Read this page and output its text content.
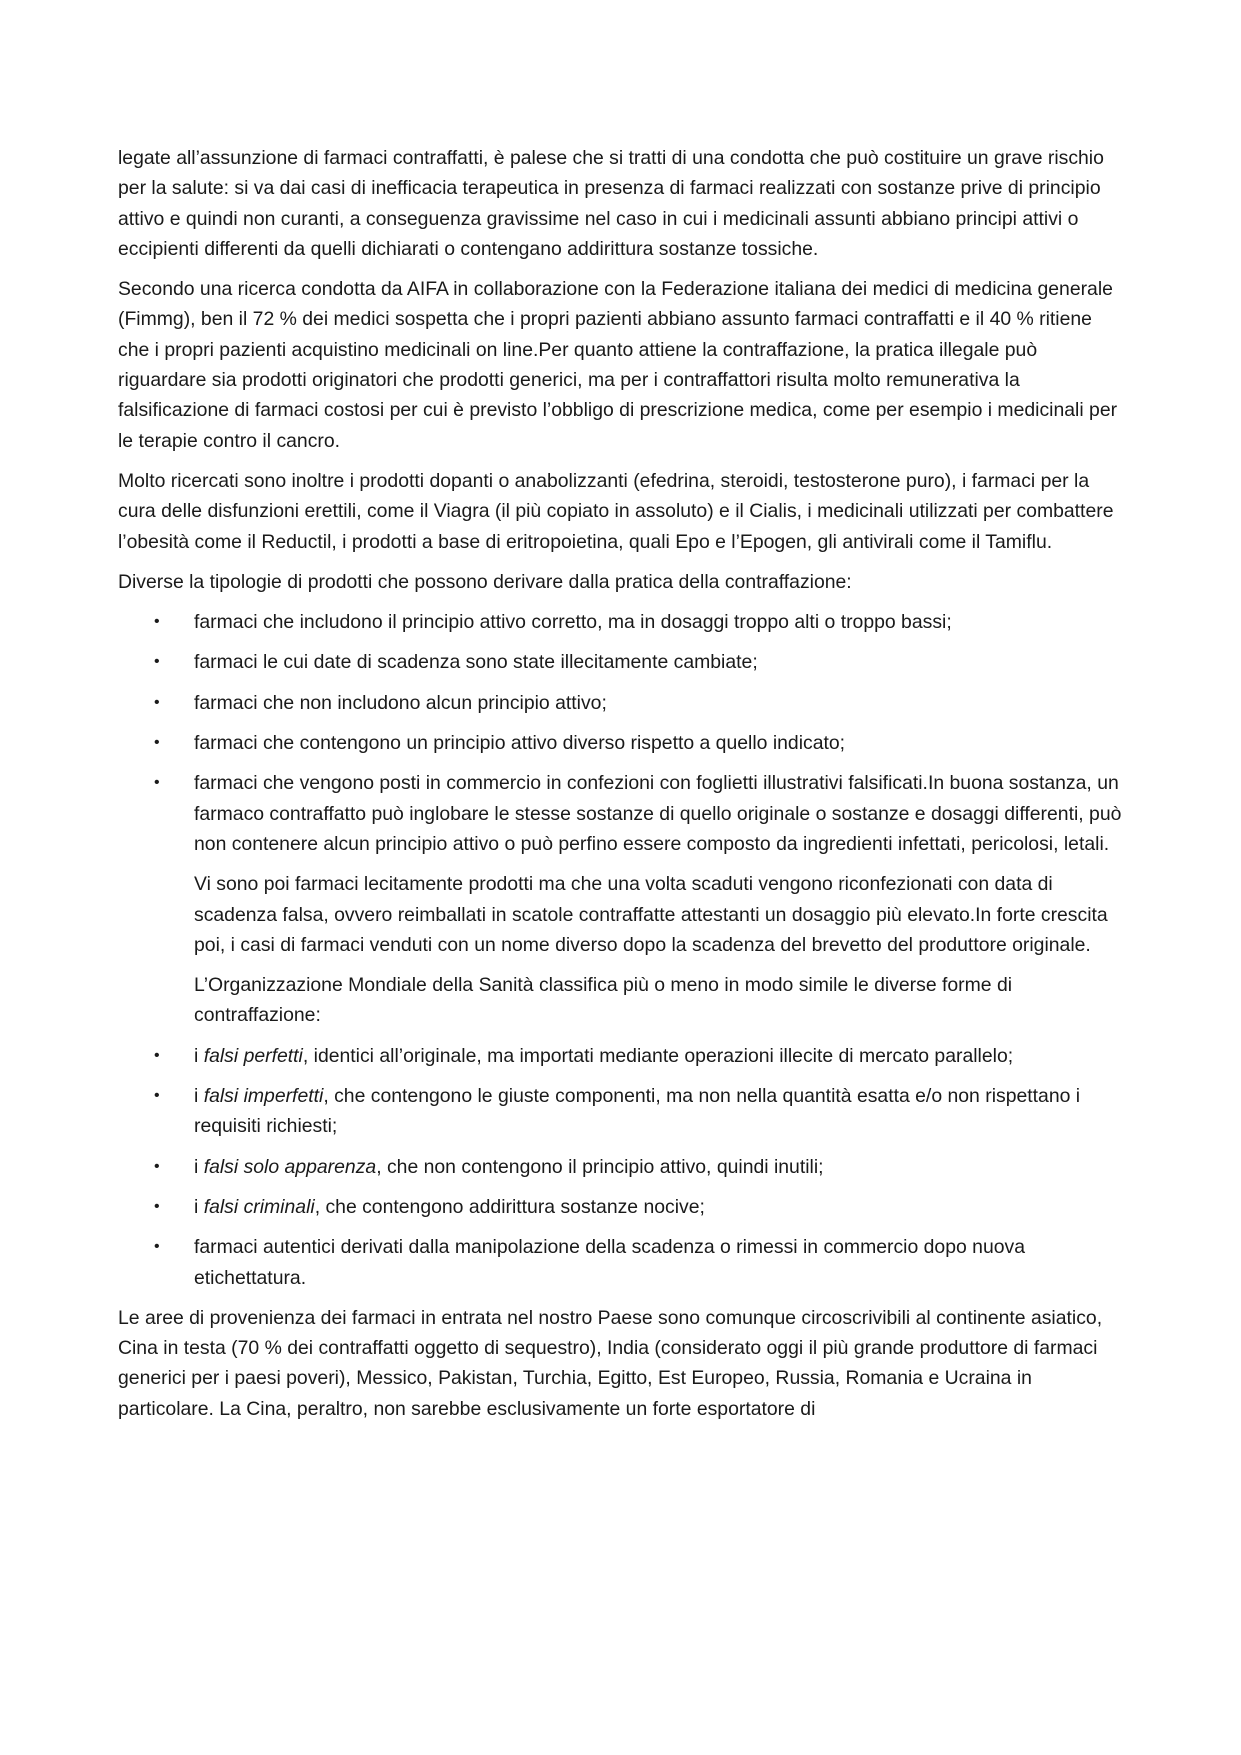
legate all’assunzione di farmaci contraffatti, è palese che si tratti di una condotta che può costituire un grave rischio per la salute: si va dai casi di inefficacia terapeutica in presenza di farmaci realizzati con sostanze prive di principio attivo e quindi non curanti, a conseguenza gravissime nel caso in cui i medicinali assunti abbiano principi attivi o eccipienti differenti da quelli dichiarati o contengano addirittura sostanze tossiche.

Secondo una ricerca condotta da AIFA in collaborazione con la Federazione italiana dei medici di medicina generale (Fimmg), ben il 72 % dei medici sospetta che i propri pazienti abbiano assunto farmaci contraffatti e il 40 % ritiene che i propri pazienti acquistino medicinali on line.Per quanto attiene la contraffazione, la pratica illegale può riguardare sia prodotti originatori che prodotti generici, ma per i contraffattori risulta molto remunerativa la falsificazione di farmaci costosi per cui è previsto l’obbligo di prescrizione medica, come per esempio i medicinali per le terapie contro il cancro.

Molto ricercati sono inoltre i prodotti dopanti o anabolizzanti (efedrina, steroidi, testosterone puro), i farmaci per la cura delle disfunzioni erettili, come il Viagra (il più copiato in assoluto) e il Cialis, i medicinali utilizzati per combattere l’obesità come il Reductil, i prodotti a base di eritropoietina, quali Epo e l’Epogen, gli antivirali come il Tamiflu.

Diverse la tipologie di prodotti che possono derivare dalla pratica della contraffazione:

• farmaci che includono il principio attivo corretto, ma in dosaggi troppo alti o troppo bassi;
• farmaci le cui date di scadenza sono state illecitamente cambiate;
• farmaci che non includono alcun principio attivo;
• farmaci che contengono un principio attivo diverso rispetto a quello indicato;
• farmaci che vengono posti in commercio in confezioni con foglietti illustrativi falsificati.In buona sostanza, un farmaco contraffatto può inglobare le stesse sostanze di quello originale o sostanze e dosaggi differenti, può non contenere alcun principio attivo o può perfino essere composto da ingredienti infettati, pericolosi, letali.

Vi sono poi farmaci lecitamente prodotti ma che una volta scaduti vengono riconfezionati con data di scadenza falsa, ovvero reimballati in scatole contraffatte attestanti un dosaggio più elevato.In forte crescita poi, i casi di farmaci venduti con un nome diverso dopo la scadenza del brevetto del produttore originale.

L’Organizzazione Mondiale della Sanità classifica più o meno in modo simile le diverse forme di contraffazione:

• i falsi perfetti, identici all’originale, ma importati mediante operazioni illecite di mercato parallelo;
• i falsi imperfetti, che contengono le giuste componenti, ma non nella quantità esatta e/o non rispettano i requisiti richiesti;
• i falsi solo apparenza, che non contengono il principio attivo, quindi inutili;
• i falsi criminali, che contengono addirittura sostanze nocive;
• farmaci autentici derivati dalla manipolazione della scadenza o rimessi in commercio dopo nuova etichettatura.

Le aree di provenienza dei farmaci in entrata nel nostro Paese sono comunque circoscrivibili al continente asiatico, Cina in testa (70 % dei contraffatti oggetto di sequestro), India (considerato oggi il più grande produttore di farmaci generici per i paesi poveri), Messico, Pakistan, Turchia, Egitto, Est Europeo, Russia, Romania e Ucraina in particolare. La Cina, peraltro, non sarebbe esclusivamente un forte esportatore di
